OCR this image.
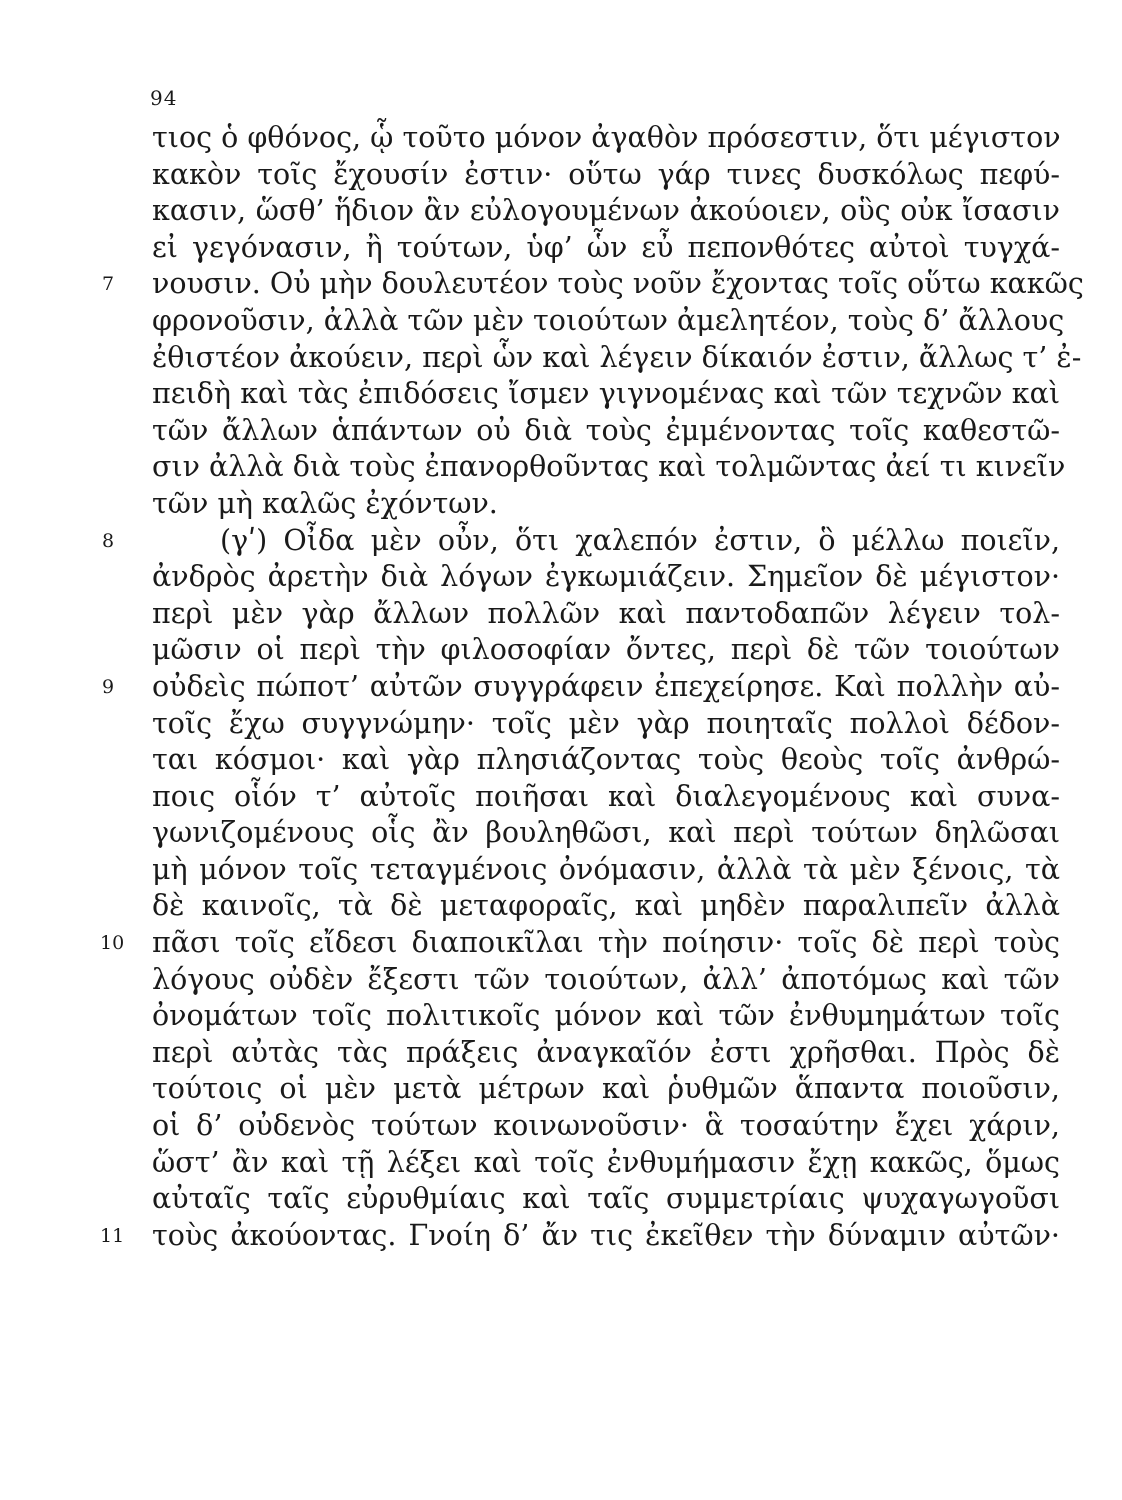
94
τιος ὁ φθόνος, ᾧ τοῦτο μόνον ἀγαθὸν πρόσεστιν, ὅτι μέγιστον
κακὸν τοῖς ἔχουσίν ἐστιν· οὕτω γάρ τινες δυσκόλως πεφύ-
κασιν, ὥσθ’ ἥδιον ἂν εὐλογουμένων ἀκούοιεν, οὓς οὐκ ἴσασιν
εἰ γεγόνασιν, ἢ τούτων, ὑφ’ ὧν εὖ πεπονθότες αὐτοὶ τυγχά-
7	νουσιν. Οὐ μὴν δουλευτέον τοὺς νοῦν ἔχοντας τοῖς οὕτω κακῶς
φρονοῦσιν, ἀλλὰ τῶν μὲν τοιούτων ἀμελητέον, τοὺς δ’ ἄλλους
ἐθιστέον ἀκούειν, περὶ ὧν καὶ λέγειν δίκαιόν ἐστιν, ἄλλως τ’ ἐ-
πειδὴ καὶ τὰς ἐπιδόσεις ἴσμεν γιγνομένας καὶ τῶν τεχνῶν καὶ
τῶν ἄλλων ἁπάντων οὐ διὰ τοὺς ἐμμένοντας τοῖς καθεστῶ-
σιν ἀλλὰ διὰ τοὺς ἐπανορθοῦντας καὶ τολμῶντας ἀεί τι κινεῖν
τῶν μὴ καλῶς ἐχόντων.
8	(γʹ) Οἶδα μὲν οὖν, ὅτι χαλεπόν ἐστιν, ὃ μέλλω ποιεῖν,
ἀνδρὸς ἀρετὴν διὰ λόγων ἐγκωμιάζειν. Σημεῖον δὲ μέγιστον·
περὶ μὲν γὰρ ἄλλων πολλῶν καὶ παντοδαπῶν λέγειν τολ-
μῶσιν οἱ περὶ τὴν φιλοσοφίαν ὄντες, περὶ δὲ τῶν τοιούτων
9	οὐδεὶς πώποτ’ αὐτῶν συγγράφειν ἐπεχείρησε. Καὶ πολλὴν αὐ-
τοῖς ἔχω συγγνώμην· τοῖς μὲν γὰρ ποιηταῖς πολλοὶ δέδον-
ται κόσμοι· καὶ γὰρ πλησιάζοντας τοὺς θεοὺς τοῖς ἀνθρώ-
ποις οἷόν τ’ αὐτοῖς ποιῆσαι καὶ διαλεγομένους καὶ συνα-
γωνιζομένους οἷς ἂν βουληθῶσι, καὶ περὶ τούτων δηλῶσαι
μὴ μόνον τοῖς τεταγμένοις ὀνόμασιν, ἀλλὰ τὰ μὲν ξένοις, τὰ
δὲ καινοῖς, τὰ δὲ μεταφοραῖς, καὶ μηδὲν παραλιπεῖν ἀλλὰ
10 πᾶσι τοῖς εἴδεσι διαποικῖλαι τὴν ποίησιν· τοῖς δὲ περὶ τοὺς
λόγους οὐδὲν ἔξεστι τῶν τοιούτων, ἀλλ’ ἀποτόμως καὶ τῶν
ὀνομάτων τοῖς πολιτικοῖς μόνον καὶ τῶν ἐνθυμημάτων τοῖς
περὶ αὐτὰς τὰς πράξεις ἀναγκαῖόν ἐστι χρῆσθαι. Πρὸς δὲ
τούτοις οἱ μὲν μετὰ μέτρων καὶ ῥυθμῶν ἅπαντα ποιοῦσιν,
οἱ δ’ οὐδενὸς τούτων κοινωνοῦσιν· ἃ τοσαύτην ἔχει χάριν,
ὥστ’ ἂν καὶ τῇ λέξει καὶ τοῖς ἐνθυμήμασιν ἔχῃ κακῶς, ὅμως
αὐταῖς ταῖς εὐρυθμίαις καὶ ταῖς συμμετρίαις ψυχαγωγοῦσι
11 τοὺς ἀκούοντας. Γνοίη δ’ ἄν τις ἐκεῖθεν τὴν δύναμιν αὐτῶν·
